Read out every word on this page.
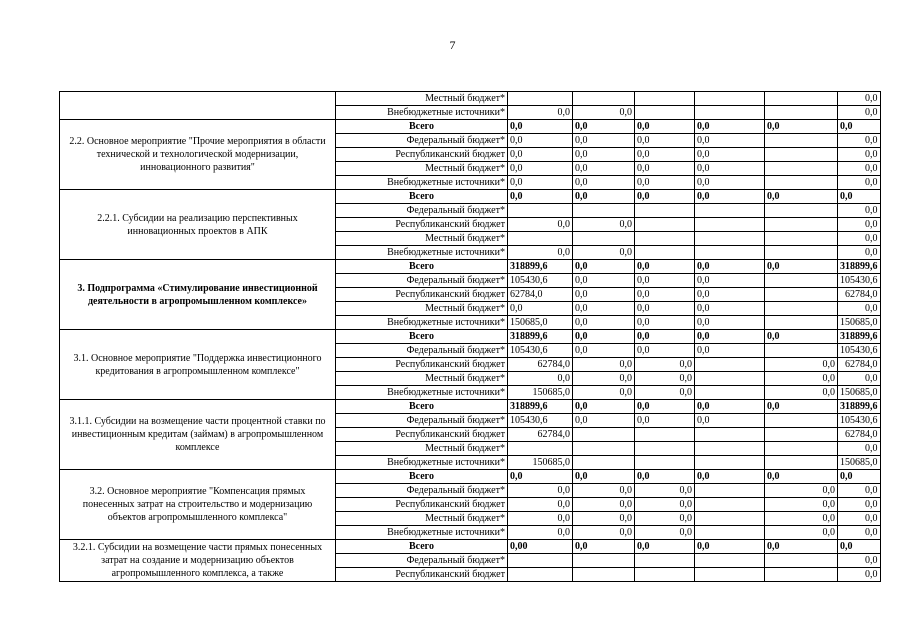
7
	Местный бюджет*						0,0
	Внебюджетные источники*	0,0	0,0				0,0
2.2. Основное мероприятие "Прочие мероприятия в области технической и технологической модернизации, инновационного развития"	Всего	0,0	0,0	0,0	0,0	0,0	0,0
	Федеральный бюджет*	0,0	0,0	0,0	0,0		0,0
	Республиканский бюджет	0,0	0,0	0,0	0,0		0,0
	Местный бюджет*	0,0	0,0	0,0	0,0		0,0
	Внебюджетные источники*	0,0	0,0	0,0	0,0		0,0
2.2.1. Субсидии на реализацию перспективных инновационных проектов в АПК	Всего	0,0	0,0	0,0	0,0	0,0	0,0
	Федеральный бюджет*						0,0
	Республиканский бюджет	0,0	0,0				0,0
	Местный бюджет*						0,0
	Внебюджетные источники*	0,0	0,0				0,0
3. Подпрограмма «Стимулирование инвестиционной деятельности в агропромышленном комплексе»	Всего	318899,6	0,0	0,0	0,0	0,0	318899,6
	Федеральный бюджет*	105430,6	0,0	0,0	0,0		105430,6
	Республиканский бюджет	62784,0	0,0	0,0	0,0		62784,0
	Местный бюджет*	0,0	0,0	0,0	0,0		0,0
	Внебюджетные источники*	150685,0	0,0	0,0	0,0		150685,0
3.1. Основное мероприятие "Поддержка инвестиционного кредитования в агропромышленном комплексе"	Всего	318899,6	0,0	0,0	0,0	0,0	318899,6
	Федеральный бюджет*	105430,6	0,0	0,0	0,0		105430,6
	Республиканский бюджет	62784,0	0,0	0,0		0,0	62784,0
	Местный бюджет*	0,0	0,0	0,0		0,0	0,0
	Внебюджетные источники*	150685,0	0,0	0,0		0,0	150685,0
3.1.1. Субсидии на возмещение части процентной ставки по инвестиционным кредитам (займам) в агропромышленном комплексе	Всего	318899,6	0,0	0,0	0,0	0,0	318899,6
	Федеральный бюджет*	105430,6	0,0	0,0	0,0		105430,6
	Республиканский бюджет	62784,0					62784,0
	Местный бюджет*						0,0
	Внебюджетные источники*	150685,0					150685,0
3.2. Основное мероприятие "Компенсация прямых понесенных затрат на строительство и модернизацию объектов агропромышленного комплекса"	Всего	0,0	0,0	0,0	0,0	0,0	0,0
	Федеральный бюджет*	0,0	0,0	0,0		0,0	0,0
	Республиканский бюджет	0,0	0,0	0,0		0,0	0,0
	Местный бюджет*	0,0	0,0	0,0		0,0	0,0
	Внебюджетные источники*	0,0	0,0	0,0		0,0	0,0
3.2.1. Субсидии на возмещение части прямых понесенных затрат на создание и модернизацию объектов агропромышленного комплекса, а также	Всего	0,00	0,0	0,0	0,0	0,0	0,0
	Федеральный бюджет*						0,0
	Республиканский бюджет						0,0
